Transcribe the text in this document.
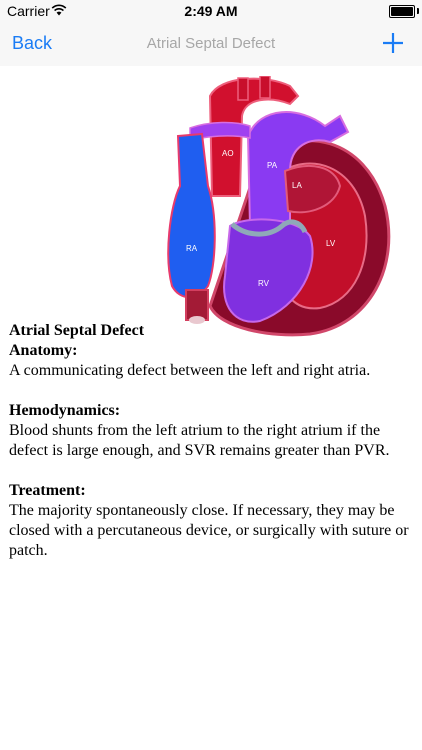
Carrier	2:49 AM
Back	Atrial Septal Defect
AO
PA
LA
LV
RA
RV

Atrial Septal Defect

Anatomy:

A communicating defect between the left and right atria.

Hemodynamics:

Blood shunts from the left atrium to the right atrium if the defect is large enough, and SVR remains greater than PVR.

Treatment:

The majority spontaneously close. If necessary, they may be closed with a percutaneous device, or surgically with suture or patch.
